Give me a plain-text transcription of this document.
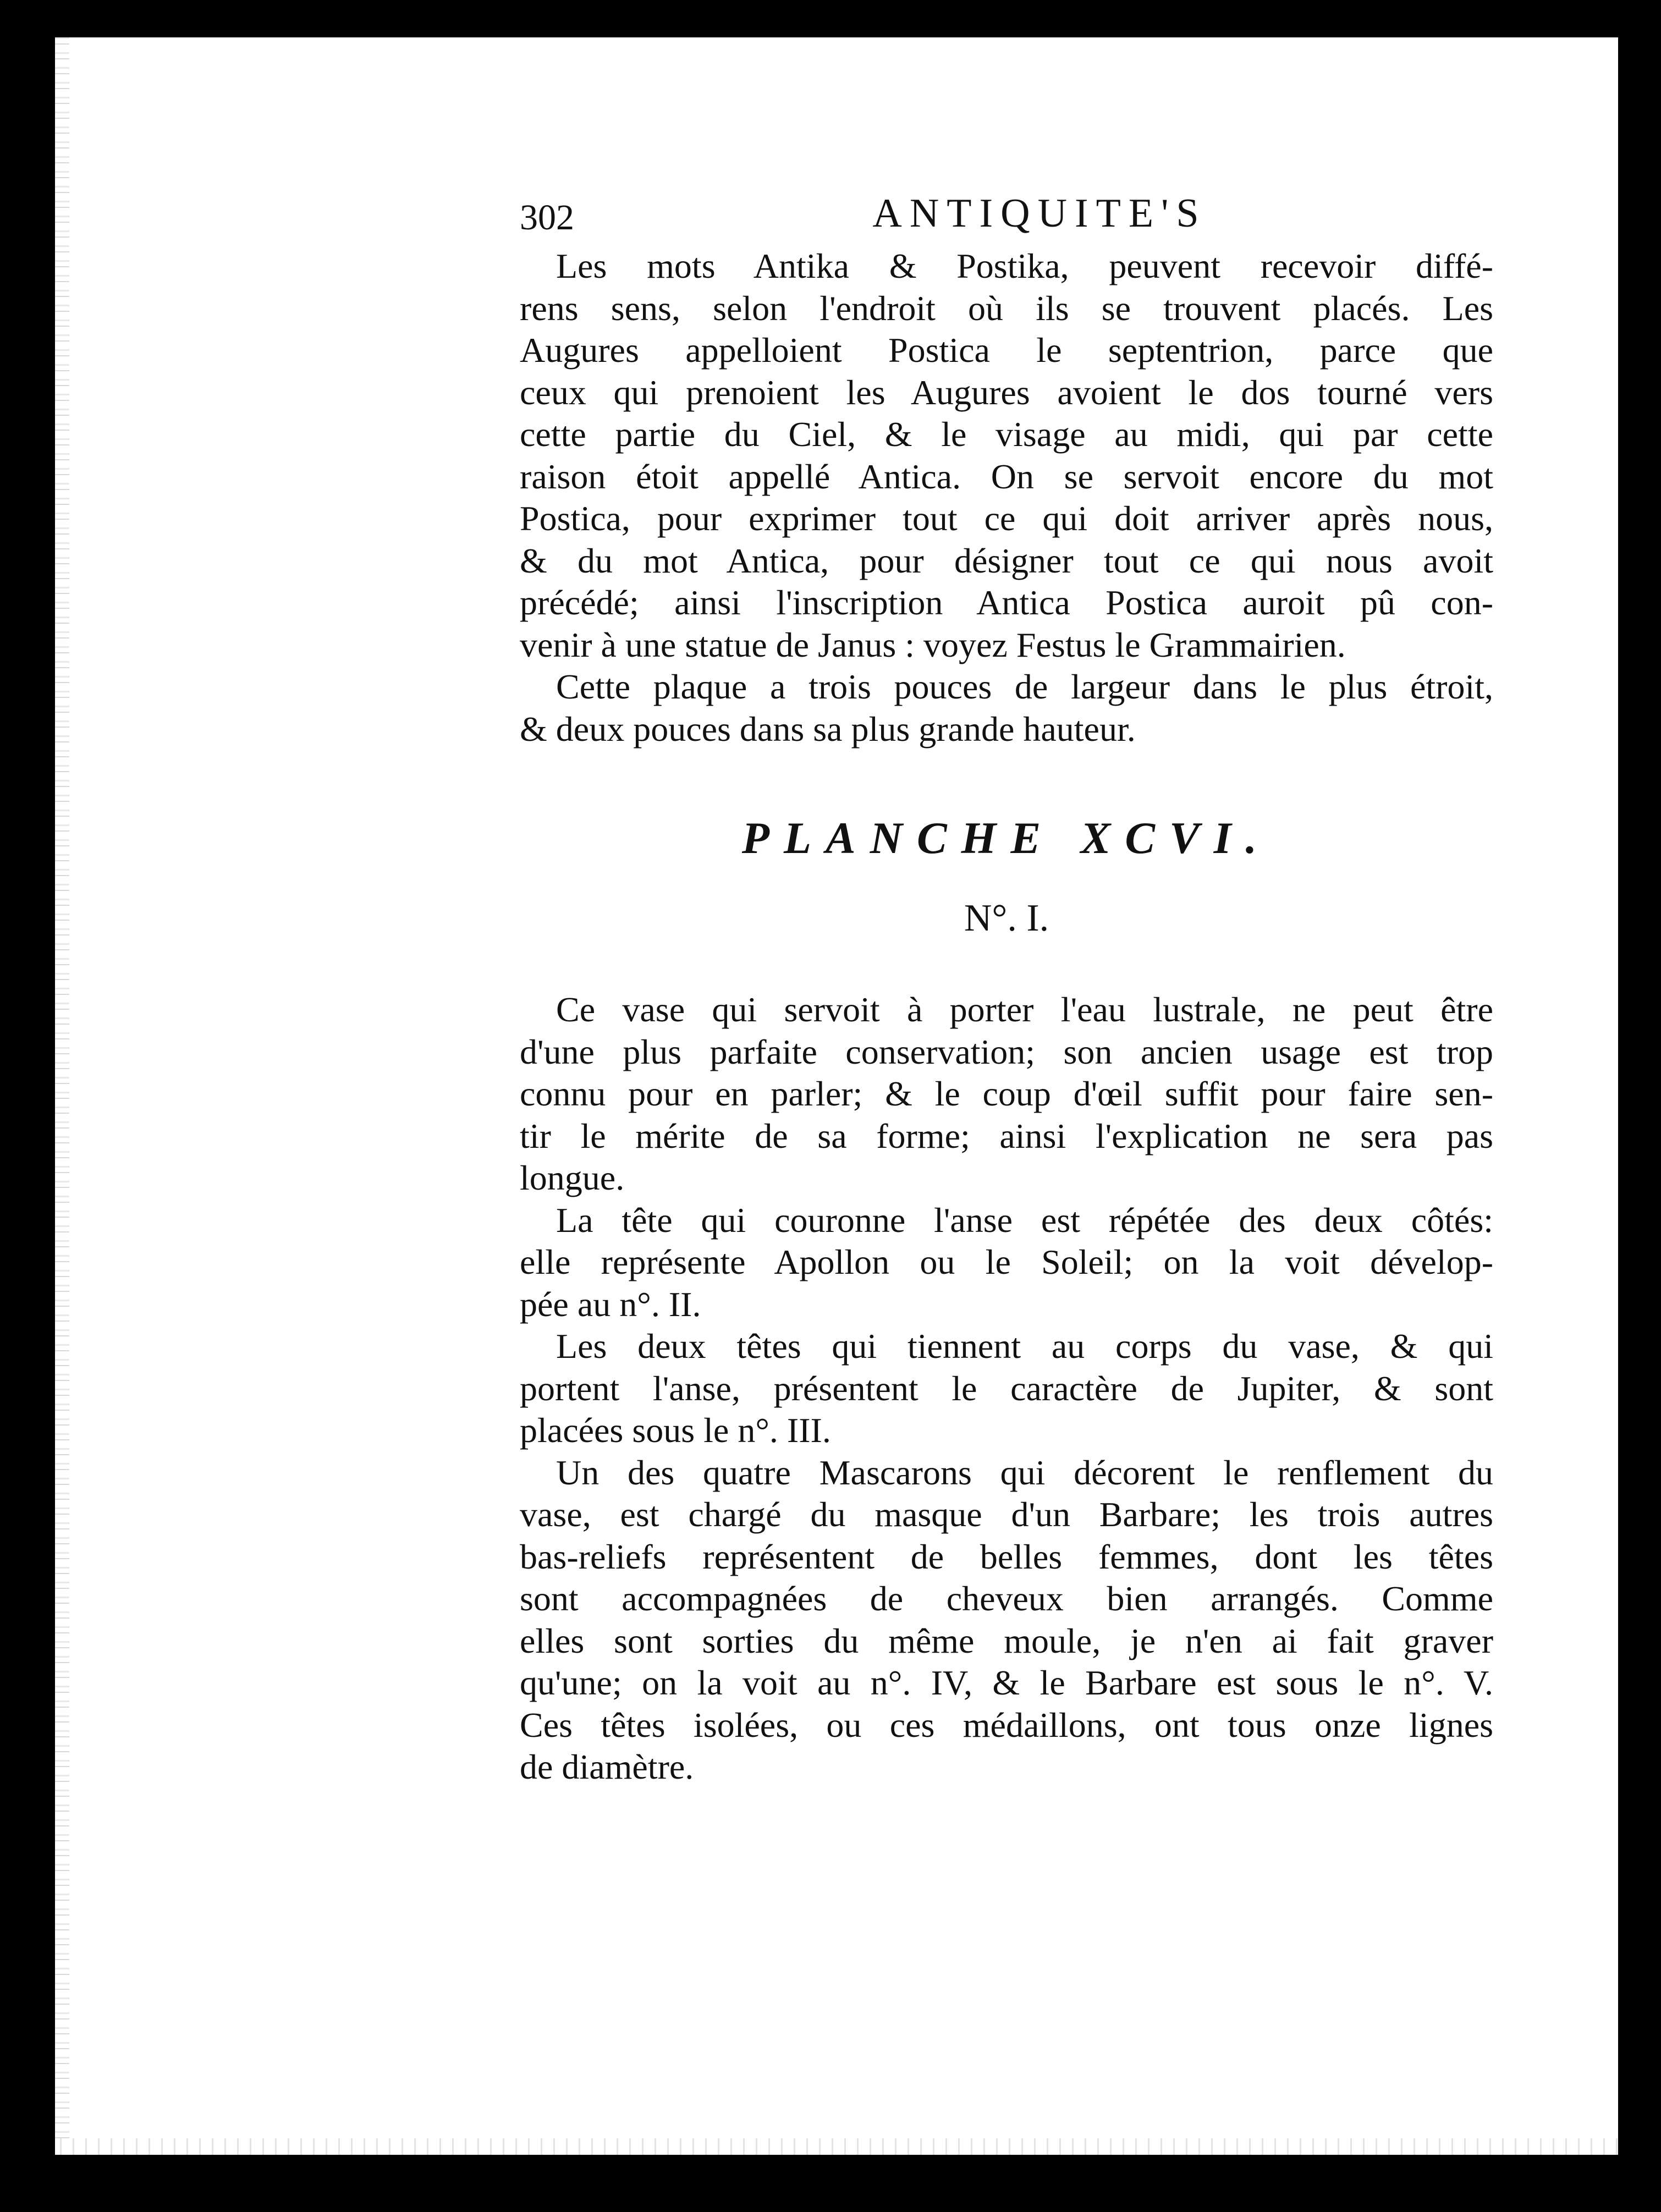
302	ANTIQUITE'S
Les mots Antika & Postika, peuvent recevoir diffé-
rens sens, selon l'endroit où ils se trouvent placés. Les
Augures appelloient Postica le septentrion, parce que
ceux qui prenoient les Augures avoient le dos tourné vers
cette partie du Ciel, & le visage au midi, qui par cette
raison étoit appellé Antica. On se servoit encore du mot
Postica, pour exprimer tout ce qui doit arriver après nous,
& du mot Antica, pour désigner tout ce qui nous avoit
précédé; ainsi l'inscription Antica Postica auroit pû con-
venir à une statue de Janus : voyez Festus le Grammairien.
Cette plaque a trois pouces de largeur dans le plus étroit,
& deux pouces dans sa plus grande hauteur.
PLANCHE XCVI.
N°. I.
Ce vase qui servoit à porter l'eau lustrale, ne peut être
d'une plus parfaite conservation; son ancien usage est trop
connu pour en parler; & le coup d'œil suffit pour faire sen-
tir le mérite de sa forme; ainsi l'explication ne sera pas
longue.
La tête qui couronne l'anse est répétée des deux côtés:
elle représente Apollon ou le Soleil; on la voit dévelop-
pée au n°. II.
Les deux têtes qui tiennent au corps du vase, & qui
portent l'anse, présentent le caractère de Jupiter, & sont
placées sous le n°. III.
Un des quatre Mascarons qui décorent le renflement du
vase, est chargé du masque d'un Barbare; les trois autres
bas-reliefs représentent de belles femmes, dont les têtes
sont accompagnées de cheveux bien arrangés. Comme
elles sont sorties du même moule, je n'en ai fait graver
qu'une; on la voit au n°. IV, & le Barbare est sous le n°. V.
Ces têtes isolées, ou ces médaillons, ont tous onze lignes
de diamètre.
